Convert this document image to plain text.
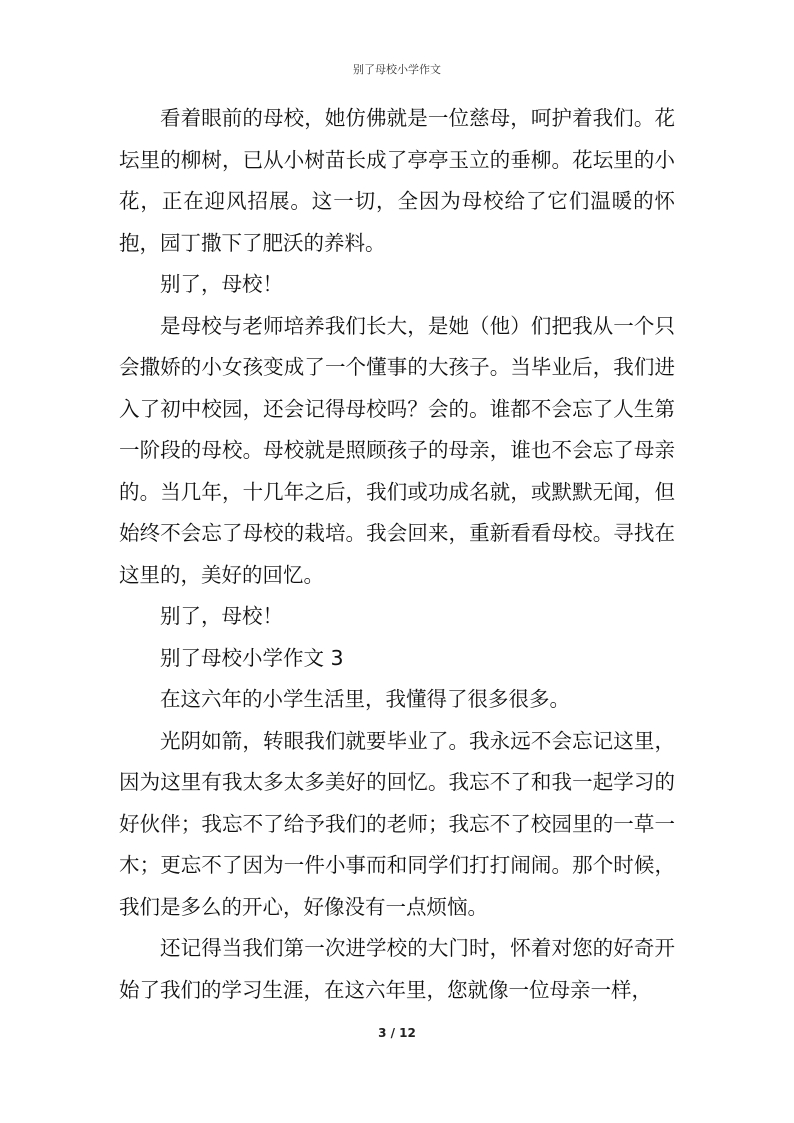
别了母校小学作文

看着眼前的母校，她仿佛就是一位慈母，呵护着我们。花坛里的柳树，已从小树苗长成了亭亭玉立的垂柳。花坛里的小花，正在迎风招展。这一切，全因为母校给了它们温暖的怀抱，园丁撒下了肥沃的养料。

别了，母校！

是母校与老师培养我们长大，是她（他）们把我从一个只会撒娇的小女孩变成了一个懂事的大孩子。当毕业后，我们进入了初中校园，还会记得母校吗？会的。谁都不会忘了人生第一阶段的母校。母校就是照顾孩子的母亲，谁也不会忘了母亲的。当几年，十几年之后，我们或功成名就，或默默无闻，但始终不会忘了母校的栽培。我会回来，重新看看母校。寻找在这里的，美好的回忆。

别了，母校！

别了母校小学作文 3

在这六年的小学生活里，我懂得了很多很多。

光阴如箭，转眼我们就要毕业了。我永远不会忘记这里，因为这里有我太多太多美好的回忆。我忘不了和我一起学习的好伙伴；我忘不了给予我们的老师；我忘不了校园里的一草一木；更忘不了因为一件小事而和同学们打打闹闹。那个时候，我们是多么的开心，好像没有一点烦恼。

还记得当我们第一次进学校的大门时，怀着对您的好奇开始了我们的学习生涯，在这六年里，您就像一位母亲一样，

3 / 12
